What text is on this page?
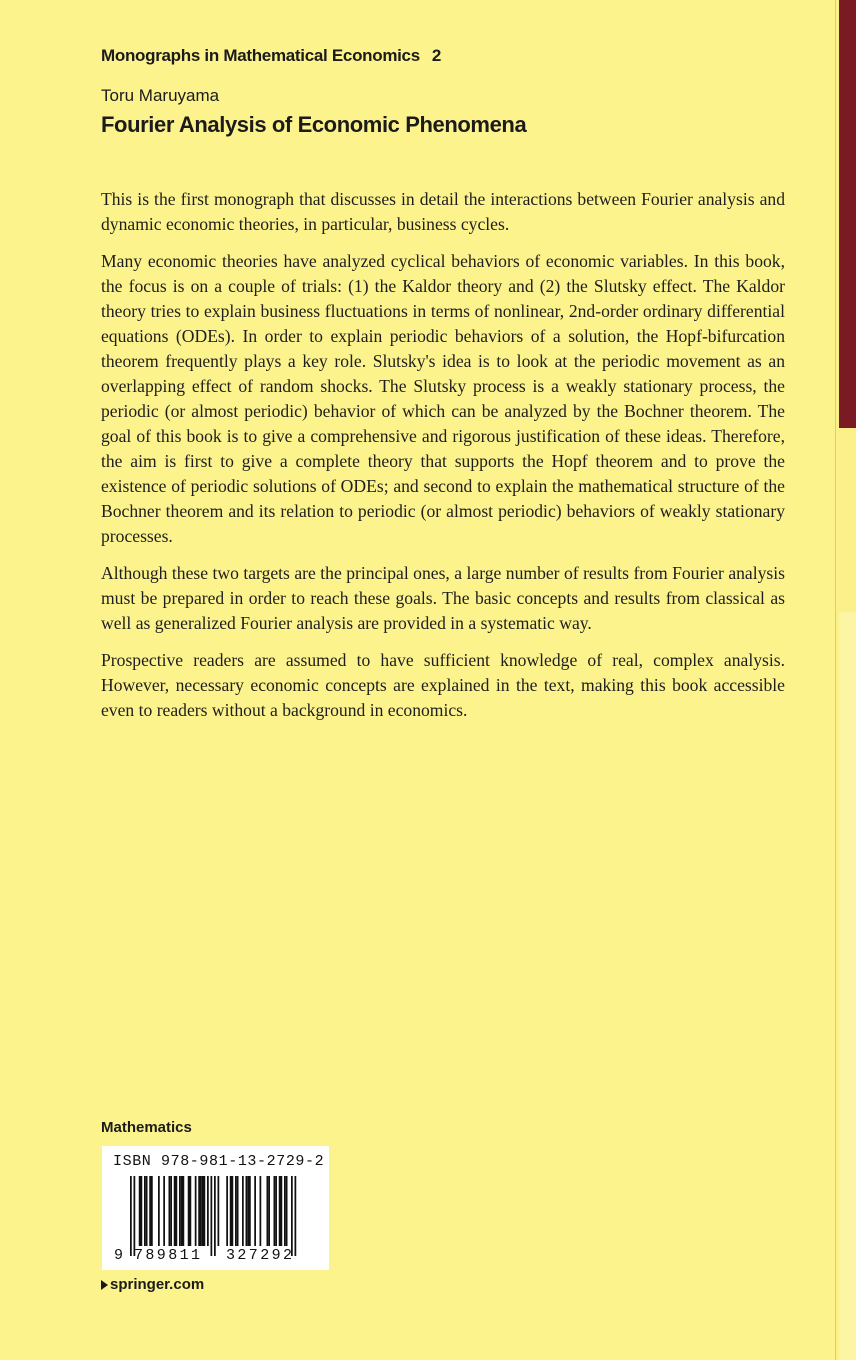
Monographs in Mathematical Economics 2
Toru Maruyama
Fourier Analysis of Economic Phenomena

This is the first monograph that discusses in detail the interactions between Fourier analysis and dynamic economic theories, in particular, business cycles.

Many economic theories have analyzed cyclical behaviors of economic variables. In this book, the focus is on a couple of trials: (1) the Kaldor theory and (2) the Slutsky effect. The Kaldor theory tries to explain business fluctuations in terms of nonlinear, 2nd-order ordinary differential equations (ODEs). In order to explain periodic behaviors of a solution, the Hopf-bifurcation theorem frequently plays a key role. Slutsky's idea is to look at the periodic movement as an overlapping effect of random shocks. The Slutsky process is a weakly stationary process, the periodic (or almost periodic) behavior of which can be analyzed by the Bochner theorem. The goal of this book is to give a comprehensive and rigorous justification of these ideas. Therefore, the aim is first to give a complete theory that supports the Hopf theorem and to prove the existence of periodic solutions of ODEs; and second to explain the mathematical structure of the Bochner theorem and its relation to periodic (or almost periodic) behaviors of weakly stationary processes.

Although these two targets are the principal ones, a large number of results from Fourier analysis must be prepared in order to reach these goals. The basic concepts and results from classical as well as generalized Fourier analysis are provided in a systematic way.

Prospective readers are assumed to have sufficient knowledge of real, complex analysis. However, necessary economic concepts are explained in the text, making this book accessible even to readers without a background in economics.

Mathematics
ISBN 978-981-13-2729-2
9 789811 327292
springer.com
